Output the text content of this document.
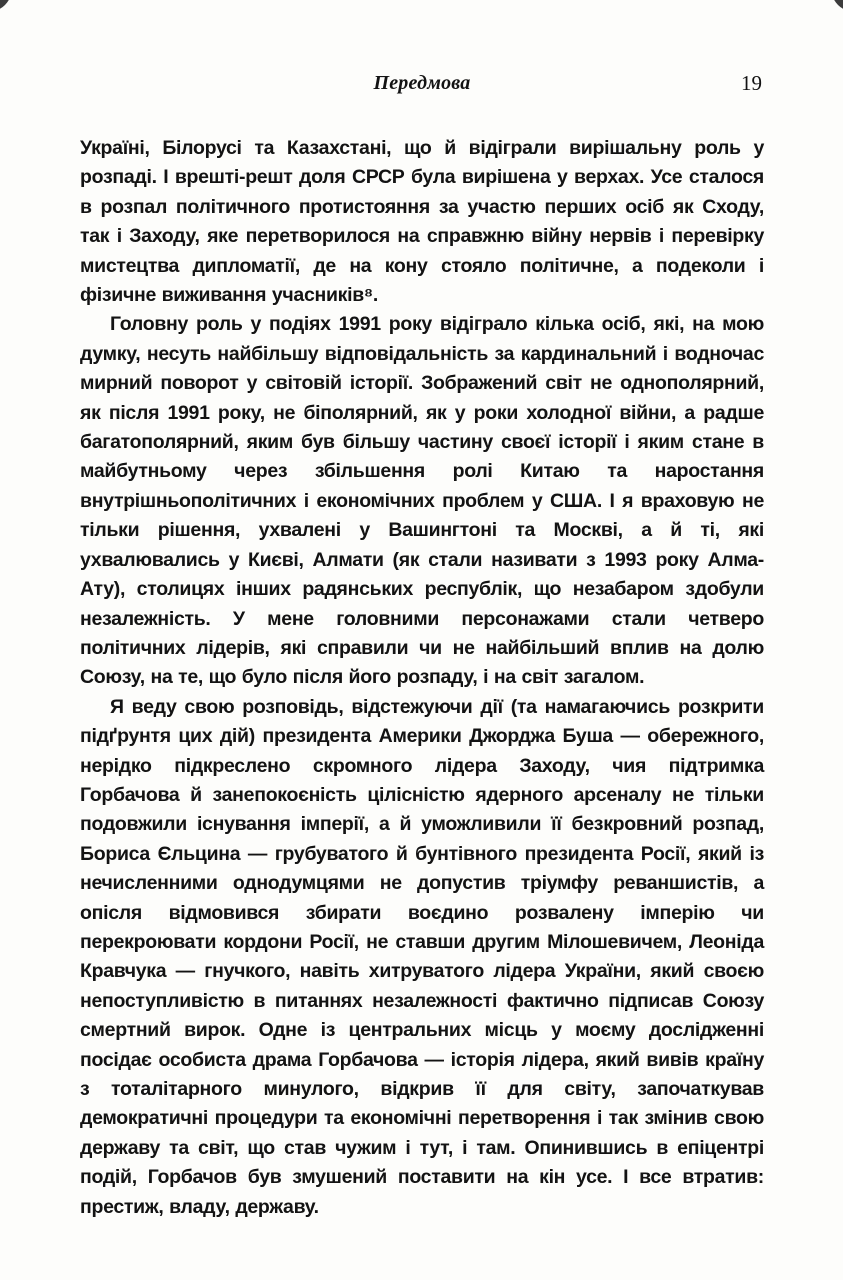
Передмова	19

Україні, Білорусі та Казахстані, що й відіграли вирішальну роль у розпаді. І врешті-решт доля СРСР була вирішена у верхах. Усе сталося в розпал політичного протистояння за участю перших осіб як Сходу, так і Заходу, яке перетворилося на справжню війну нервів і перевірку мистецтва дипломатії, де на кону стояло політичне, а подеколи і фізичне виживання учасників⁸.

Головну роль у подіях 1991 року відіграло кілька осіб, які, на мою думку, несуть найбільшу відповідальність за кардинальний і водночас мирний поворот у світовій історії. Зображений світ не однополярний, як після 1991 року, не біполярний, як у роки холодної війни, а радше багатополярний, яким був більшу частину своєї історії і яким стане в майбутньому через збільшення ролі Китаю та наростання внутрішньополітичних і економічних проблем у США. І я враховую не тільки рішення, ухвалені у Вашингтоні та Москві, а й ті, які ухвалювались у Києві, Алмати (як стали називати з 1993 року Алма-Ату), столицях інших радянських республік, що незабаром здобули незалежність. У мене головними персонажами стали четверо політичних лідерів, які справили чи не найбільший вплив на долю Союзу, на те, що було після його розпаду, і на світ загалом.

Я веду свою розповідь, відстежуючи дії (та намагаючись розкрити підґрунтя цих дій) президента Америки Джорджа Буша — обережного, нерідко підкреслено скромного лідера Заходу, чия підтримка Горбачова й занепокоєність цілісністю ядерного арсеналу не тільки подовжили існування імперії, а й уможливили її безкровний розпад, Бориса Єльцина — грубуватого й бунтівного президента Росії, який із нечисленними однодумцями не допустив тріумфу реваншистів, а опісля відмовився збирати воєдино розвалену імперію чи перекроювати кордони Росії, не ставши другим Мілошевичем, Леоніда Кравчука — гнучкого, навіть хитруватого лідера України, який своєю непоступливістю в питаннях незалежності фактично підписав Союзу смертний вирок. Одне із центральних місць у моєму дослідженні посідає особиста драма Горбачова — історія лідера, який вивів країну з тоталітарного минулого, відкрив її для світу, започаткував демократичні процедури та економічні перетворення і так змінив свою державу та світ, що став чужим і тут, і там. Опинившись в епіцентрі подій, Горбачов був змушений поставити на кін усе. І все втратив: престиж, владу, державу.
